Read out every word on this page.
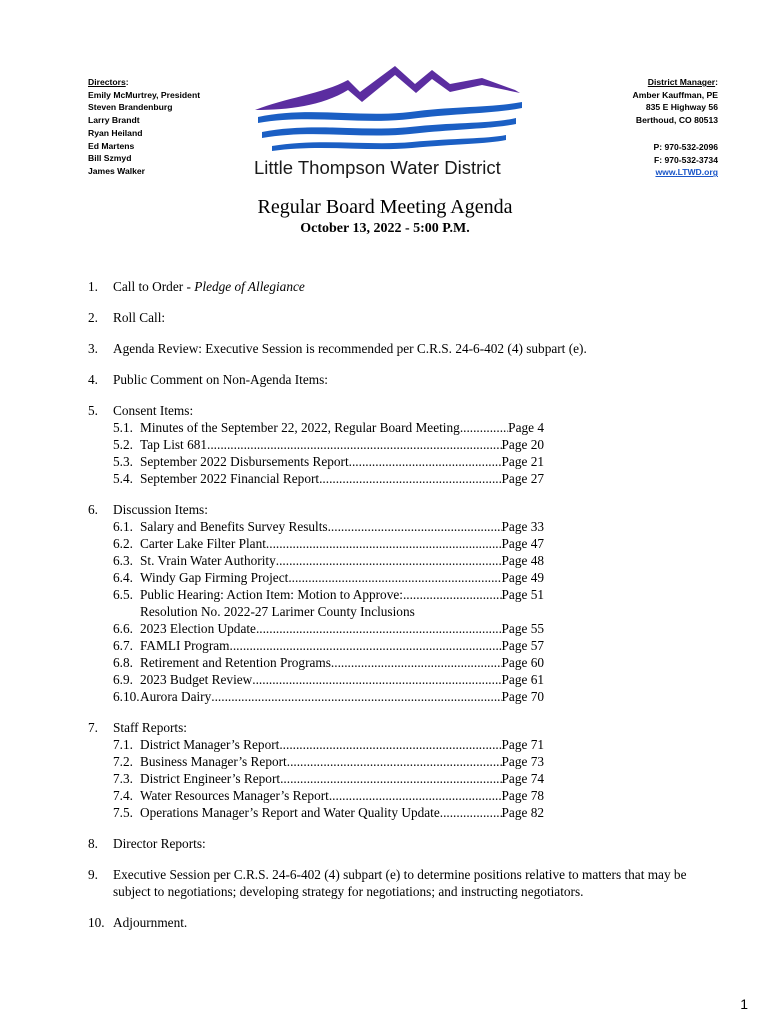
Directors:
Emily McMurtrey, President
Steven Brandenburg
Larry Brandt
Ryan Heiland
Ed Martens
Bill Szmyd
James Walker	Little Thompson Water District
District Manager:
Amber Kauffman, PE
835 E Highway 56
Berthoud, CO 80513
P: 970-532-2096
F: 970-532-3734
www.LTWD.org
Regular Board Meeting Agenda
October 13, 2022 - 5:00 P.M.
1.	Call to Order - Pledge of Allegiance
2.	Roll Call:
3.	Agenda Review: Executive Session is recommended per C.R.S. 24-6-402 (4) subpart (e).
4.	Public Comment on Non-Agenda Items:
5.	Consent Items:
5.1. Minutes of the September 22, 2022, Regular Board Meeting .....	Page 4
5.2. Tap List 681 .....	Page 20
5.3. September 2022 Disbursements Report .....	Page 21
5.4. September 2022 Financial Report .....	Page 27
6.	Discussion Items:
6.1. Salary and Benefits Survey Results .....	Page 33
6.2. Carter Lake Filter Plant .....	Page 47
6.3. St. Vrain Water Authority .....	Page 48
6.4. Windy Gap Firming Project .....	Page 49
6.5. Public Hearing: Action Item: Motion to Approve: .....	Page 51
Resolution No. 2022-27 Larimer County Inclusions
6.6. 2023 Election Update .....	Page 55
6.7. FAMLI Program .....	Page 57
6.8. Retirement and Retention Programs .....	Page 60
6.9. 2023 Budget Review .....	Page 61
6.10. Aurora Dairy .....	Page 70
7.	Staff Reports:
7.1. District Manager’s Report .....	Page 71
7.2. Business Manager’s Report .....	Page 73
7.3. District Engineer’s Report .....	Page 74
7.4. Water Resources Manager’s Report .....	Page 78
7.5. Operations Manager’s Report and Water Quality Update .....	Page 82
8.	Director Reports:
9.	Executive Session per C.R.S. 24-6-402 (4) subpart (e) to determine positions relative to matters that may be subject to negotiations; developing strategy for negotiations; and instructing negotiators.
10. Adjournment.
1
